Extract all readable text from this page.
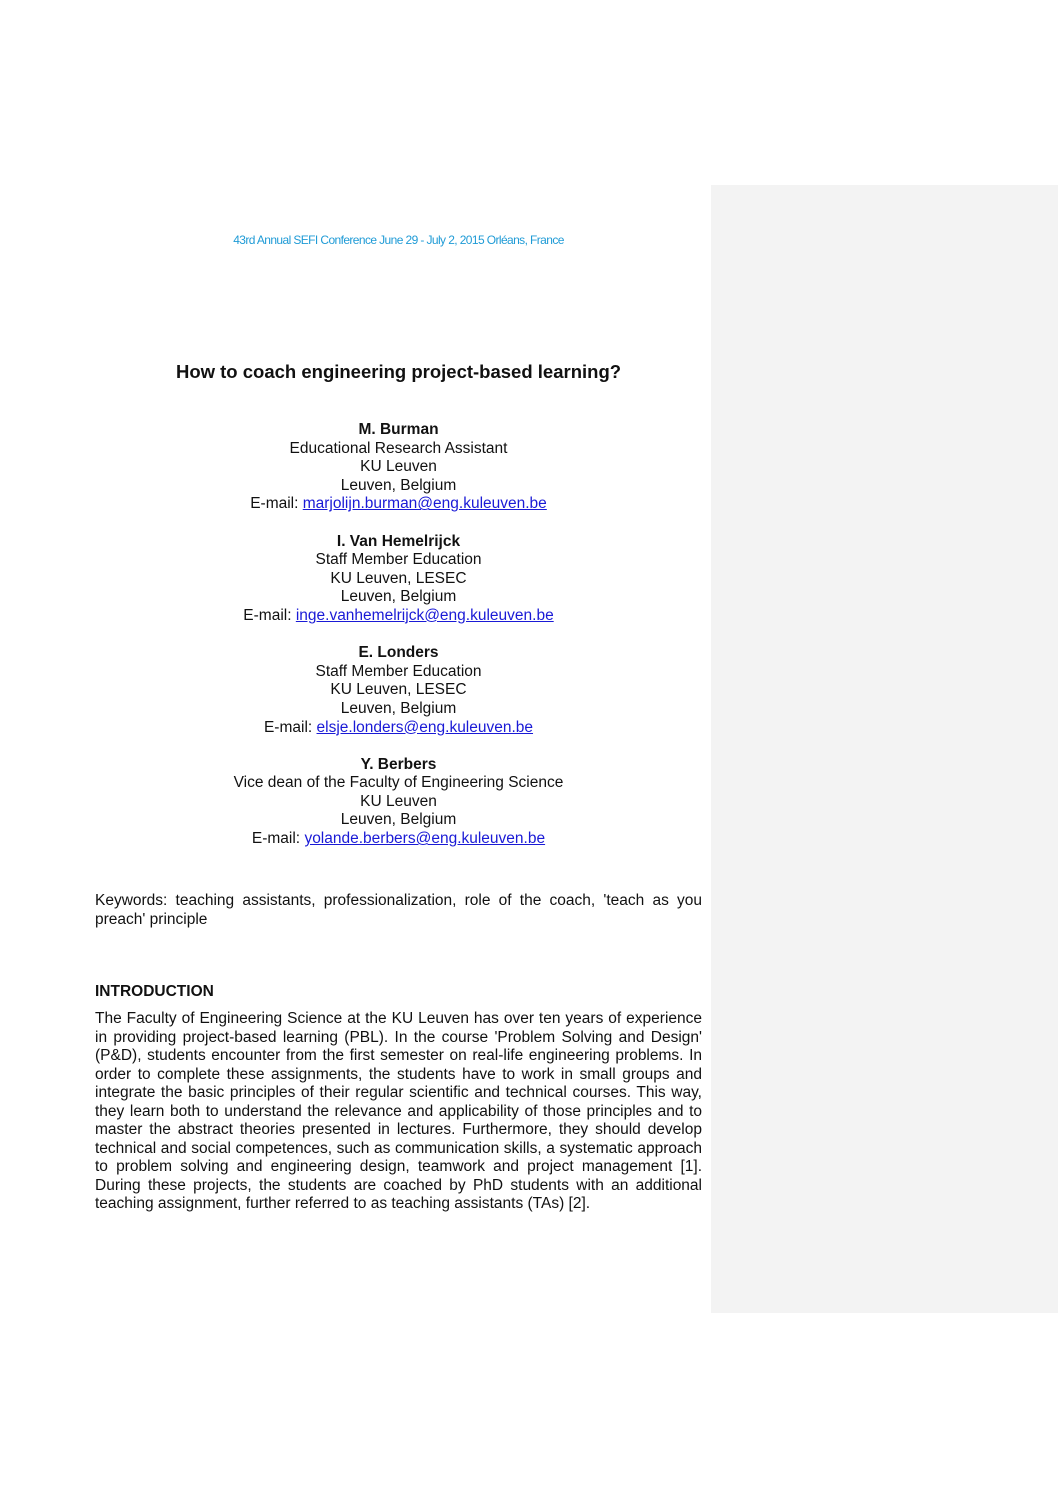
43rd Annual SEFI Conference June 29 - July 2, 2015 Orléans, France
How to coach engineering project-based learning?
M. Burman
Educational Research Assistant
KU Leuven
Leuven, Belgium
E-mail: marjolijn.burman@eng.kuleuven.be
I. Van Hemelrijck
Staff Member Education
KU Leuven, LESEC
Leuven, Belgium
E-mail: inge.vanhemelrijck@eng.kuleuven.be
E. Londers
Staff Member Education
KU Leuven, LESEC
Leuven, Belgium
E-mail: elsje.londers@eng.kuleuven.be
Y. Berbers
Vice dean of the Faculty of Engineering Science
KU Leuven
Leuven, Belgium
E-mail: yolande.berbers@eng.kuleuven.be

Keywords: teaching assistants, professionalization, role of the coach, 'teach as you preach' principle

INTRODUCTION

The Faculty of Engineering Science at the KU Leuven has over ten years of experience in providing project-based learning (PBL). In the course 'Problem Solving and Design' (P&D), students encounter from the first semester on real-life engineering problems. In order to complete these assignments, the students have to work in small groups and integrate the basic principles of their regular scientific and technical courses. This way, they learn both to understand the relevance and applicability of those principles and to master the abstract theories presented in lectures. Furthermore, they should develop technical and social competences, such as communication skills, a systematic approach to problem solving and engineering design, teamwork and project management [1]. During these projects, the students are coached by PhD students with an additional teaching assignment, further referred to as teaching assistants (TAs) [2].
